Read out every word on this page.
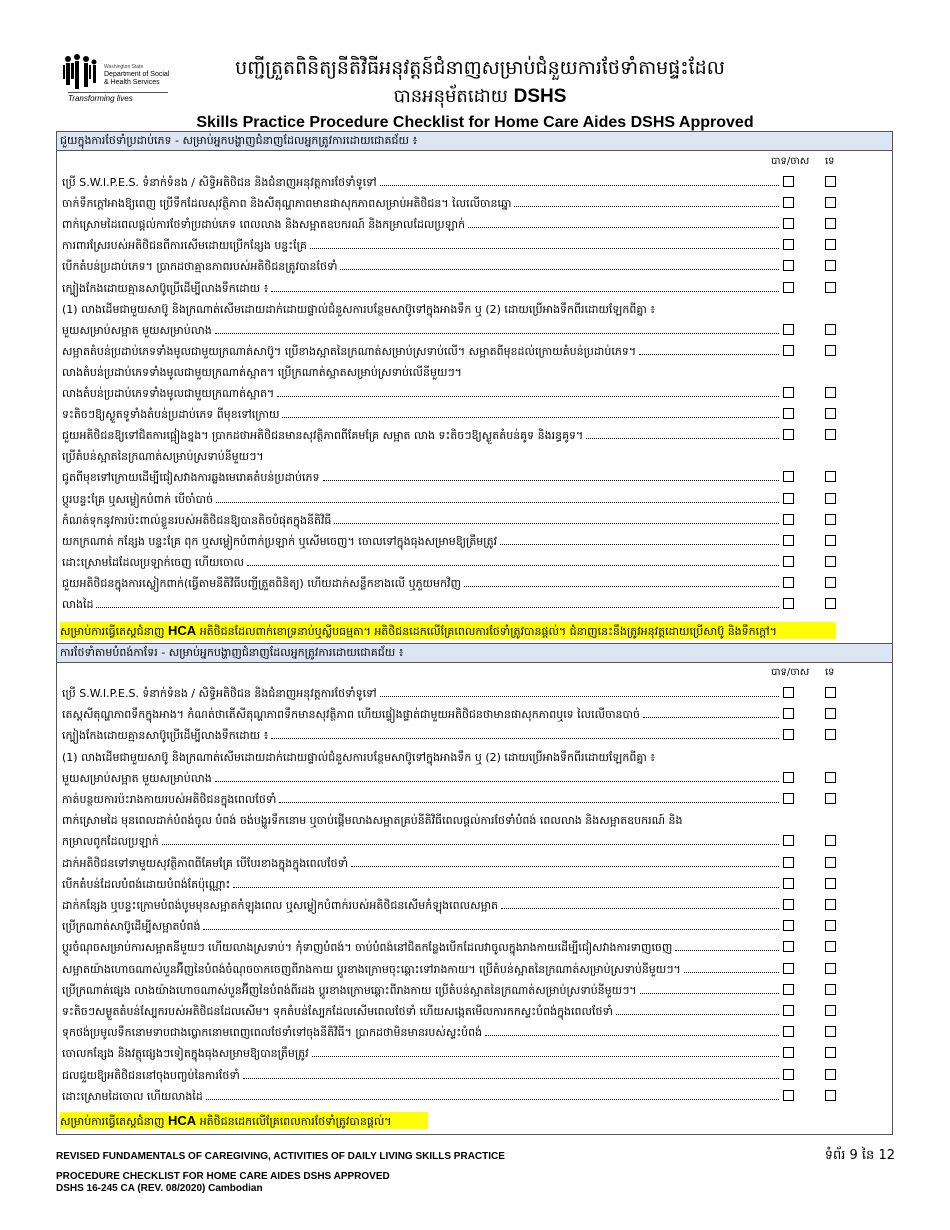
Washington State
Department of Social & Health Services
Transforming lives
បញ្ជីត្រួតពិនិត្យនីតិវិធីអនុវត្តន៍ជំនាញសម្រាប់ជំនួយការថែទាំតាមផ្ទះដែល
បានអនុម័តដោយ DSHS
Skills Practice Procedure Checklist for Home Care Aides DSHS Approved
ជួយក្នុងការថែទាំប្រដាប់ភេទ - សម្រាប់អ្នកបង្ហាញជំនាញដែលអ្នកត្រូវការដោយជោគជ័យ ៖
បាទ/ចាស ទេ
ប្រើ S.W.I.P.E.S. ទំនាក់ទំនង / សិទ្ធិអតិថិជន និងជំនាញអនុវត្តការថែទាំទូទៅ
ចាក់ទឹកក្តៅអាងឱ្យពេញ ប្រើទឹកដែលសុវត្ថិភាព និងសីតុណ្ហភាពមានផាសុកភាពសម្រាប់អតិថិជន។ លៃលើចានឆ្នោ
ពាក់ស្រោមដៃពេលផ្តល់ការថែទាំប្រដាប់ភេទ ពេលលាង និងសម្អាតឧបករណ៍ និងកម្រាលដែលប្រឡាក់
ការពារស្រែរបស់អតិថិជនពីការសើមដោយប្រើកន្សែង បន្ទះគ្រែ
បើកតំបន់ប្រដាប់ភេទ។ ប្រាកដថាគ្មានភាពរបស់អតិថិជនត្រូវបានថែទាំ
ក្បៀងកែងដោយគ្មានសាប៊ូប្រើដើម្បីលាងទឹកដោយ ៖
(1) លាងដើមជាមួយសាប៊ូ និងក្រណាត់សើមដោយដាក់ដោយផ្ទាល់ជំនួសការបន្ថែមសាប៊ូទៅក្នុងអាងទឹក ឬ (2) ដោយប្រើអាងទឹកពីរដោយឡែកពីគ្នា ៖
មួយសម្រាប់សម្អាត មួយសម្រាប់លាង
សម្អាតតំបន់ប្រដាប់ភេទទាំងមូលជាមួយក្រណាត់សាប៊ូ។ ប្រើខាងស្អាតនៃក្រណាត់សម្រាប់ស្រទាប់លើ។ សម្អាតពីមុខដល់ក្រោយតំបន់ប្រដាប់ភេទ។
លាងតំបន់ប្រដាប់ភេទទាំងមូលជាមួយក្រណាត់ស្អាត។ ប្រើក្រណាត់ស្អាតសម្រាប់ស្រទាប់លើនីមួយៗ។
លាងតំបន់ប្រដាប់ភេទទាំងមូលជាមួយក្រណាត់ស្អាត។
ទះតិចៗឱ្យស្ងួតទូទាំងតំបន់ប្រដាប់ភេទ ពីមុខទៅក្រោយ
ជួយអតិថិជនឱ្យទៅជិតការផ្អៀងខ្នង។ ប្រាកដថាអតិថិជនមានសុវត្ថិភាពពីគែមគ្រែ សម្អាត លាង ទះតិចៗឱ្យស្ងួតតំបន់គូទ និងរន្ធគូទ។
ប្រើតំបន់ស្អាតនៃក្រណាត់សម្រាប់ស្រទាប់នីមួយៗ។
ជូតពីមុខទៅក្រោយដើម្បីជៀសវាងការឆ្លងមេរោគតំបន់ប្រដាប់ភេទ
ប្តូរបន្ទះគ្រែ ឬសម្លៀកបំពាក់ បើចាំបាច់
កំណត់ទុកនូវការប៉ះពាល់ខ្លួនរបស់អតិថិជនឱ្យបានតិចបំផុតក្នុងនីតិវិធី
យកក្រណាត់ កន្សែង បន្ទះគ្រែ ពុក ឬសម្លៀកបំពាក់ប្រឡាក់ ឬសើមចេញ។ ចោលទៅក្នុងធុងសម្រាមឱ្យត្រឹមត្រូវ
ដោះស្រោមដៃដែលប្រឡាក់ចេញ ហើយចោល
ជួយអតិថិជនក្នុងការស្លៀកពាក់(ធ្វើតាមនីតិវិធីបញ្ជីត្រួតពិនិត្យ) ហើយដាក់សន្លឹកខាងលើ ឬភួយមកវិញ
លាងដៃ
សម្រាប់ការធ្វើតេស្តជំនាញ HCA អតិថិជនដែលពាក់ខោទ្រនាប់ឬស្លីបធម្មតា។ អតិថិជនដេកលើគ្រែពេលការថែទាំត្រូវបានផ្តល់។ ជំនាញនេះនឹងត្រូវអនុវត្តដោយប្រើសាប៊ូ និងទឹកក្តៅ។
ការថែទាំតាមបំពង់កាទែរ - សម្រាប់អ្នកបង្ហាញជំនាញដែលអ្នកត្រូវការដោយជោគជ័យ ៖
បាទ/ចាស ទេ
ប្រើ S.W.I.P.E.S. ទំនាក់ទំនង / សិទ្ធិអតិថិជន និងជំនាញអនុវត្តការថែទាំទូទៅ
តេស្តសីតុណ្ហភាពទឹកក្នុងអាង។ កំណត់ថាតើសីតុណ្ហភាពទឹកមានសុវត្ថិភាព ហើយផ្ទៀងផ្ទាត់ជាមួយអតិថិជនថាមានផាសុកភាពឬទេ លៃលើចានបាច់
ក្បៀងកែងដោយគ្មានសាប៊ូប្រើដើម្បីលាងទឹកដោយ ៖
(1) លាងដើមជាមួយសាប៊ូ និងក្រណាត់សើមដោយដាក់ដោយផ្ទាល់ជំនួសការបន្ថែមសាប៊ូទៅក្នុងអាងទឹក ឬ (2) ដោយប្រើអាងទឹកពីរដោយឡែកពីគ្នា ៖
មួយសម្រាប់សម្អាត មួយសម្រាប់លាង
កាត់បន្ថយការប៉ះរាងកាយរបស់អតិថិជនក្នុងពេលថែទាំ
ពាក់ស្រោមដៃ មុនពេលដាក់បំពង់ចូល បំពង់ ចង់បង្ហូរទឹកនោម ឬចាប់ផ្តើមលាងសម្អាតគ្រប់នីតិវិធីពេលផ្តល់ការថែទាំបំពង់ ពេលលាង និងសម្អាតឧបករណ៍ និង
កម្រាលពូកដែលប្រឡាក់
ដាក់អតិថិជនទៅទាមួយសុវត្ថិភាពពីគែមគ្រែ បើបែរខាងក្នុងក្នុងពេលថែទាំ
បើកតំបន់ដែលបំពង់ដោយបំពង់តែប៉ុណ្ណោះ
ដាក់កន្សែង ឬបន្ទះក្រោមបំពង់បូមមុនសម្អាតកំឡុងពេល ឬសម្លៀកបំពាក់របស់អតិថិជនសើមកំឡុងពេលសម្អាត
ប្រើក្រណាត់សាប៊ូដើម្បីសម្អាតបំពង់
ប្តូរចំណុចសម្រាប់ការសម្អាតនីមួយៗ ហើយលាងស្រទាប់។ កុំទាញបំពង់។ ចាប់បំពង់នៅជិតកន្លែងបើកដែលវាចូលក្នុងរាងកាយដើម្បីជៀសវាងការទាញចេញ
សម្អាតយ៉ាងហោចណាស់បួនអ៊ីញនៃបំពង់ចំណុចចាកចេញពីរាងកាយ ប្តូរខាងក្រោមចុះឆ្ពោះទៅរាងកាយ។ ប្រើតំបន់ស្អាតនៃក្រណាត់សម្រាប់ស្រទាប់នីមួយៗ។
ប្រើក្រណាត់ផ្សេង លាងយ៉ាងហោចណាស់បួនអ៊ីញនៃបំពង់ពីរដង ប្តូរខាងក្រោមឆ្ពោះពីរាងកាយ ប្រើតំបន់ស្អាតនៃក្រណាត់សម្រាប់ស្រទាប់នីមួយៗ។
ទះតិចៗសម្ងួតតំបន់ស្បែករបស់អតិថិជនដែលសើម។ ទុកតំបន់ស្បែកដែលសើមពេលថែទាំ ហើយសង្កេតមើលការកកស្ទះបំពង់ក្នុងពេលថែទាំ
ទុកថង់ប្រមូលទឹកនោមទាបជាងប្លោកនោមពេញពេលថែទាំទៅចុងនីតិវិធី។ ប្រាកដថាមិនមានរបស់ស្ទះបំពង់
ចោលកន្សែង និងវត្ថុផ្សេងៗទៀតក្នុងធុងសម្រាមឱ្យបានត្រឹមត្រូវ
ជលជួយឱ្យអតិថិជននៅចុងបញ្ចប់នៃការថែទាំ
ដោះស្រោមដៃចោល ហើយលាងដៃ
សម្រាប់ការធ្វើតេស្តជំនាញ HCA អតិថិជនដេកលើគ្រែពេលការថែទាំត្រូវបានផ្តល់។
REVISED FUNDAMENTALS OF CAREGIVING, ACTIVITIES OF DAILY LIVING SKILLS PRACTICE
PROCEDURE CHECKLIST FOR HOME CARE AIDES DSHS APPROVED
DSHS 16-245 CA (REV. 08/2020) Cambodian
ទំព័រ 9 នៃ 12
